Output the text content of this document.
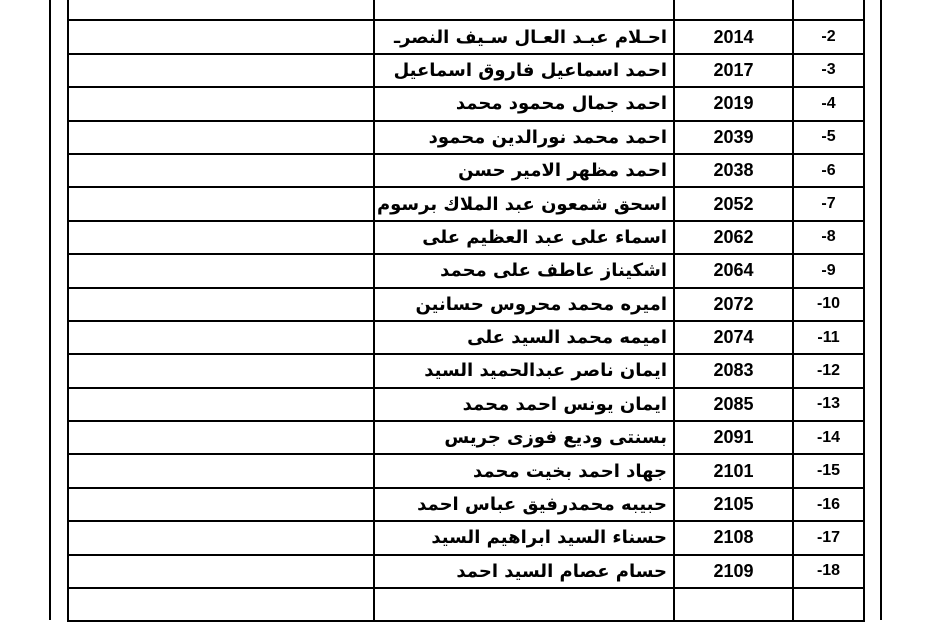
	احـلام عبـد العـال سـيف النصرـ	2014	-2
	احمد اسماعيل فاروق اسماعيل	2017	-3
	احمد جمال محمود محمد	2019	-4
	احمد محمد نورالدين محمود	2039	-5
	احمد مظهر الامير حسن	2038	-6
	اسحق شمعون عبد الملاك برسوم	2052	-7
	اسماء على عبد العظيم على	2062	-8
	اشكيناز عاطف على محمد	2064	-9
	اميره محمد محروس حسانين	2072	-10
	اميمه محمد السيد على	2074	-11
	ايمان ناصر عبدالحميد السيد	2083	-12
	ايمان يونس احمد محمد	2085	-13
	بسنتى وديع فوزى جريس	2091	-14
	جهاد احمد بخيت محمد	2101	-15
	حبيبه محمدرفيق عباس احمد	2105	-16
	حسناء السيد ابراهيم السيد	2108	-17
	حسام عصام السيد احمد	2109	-18
